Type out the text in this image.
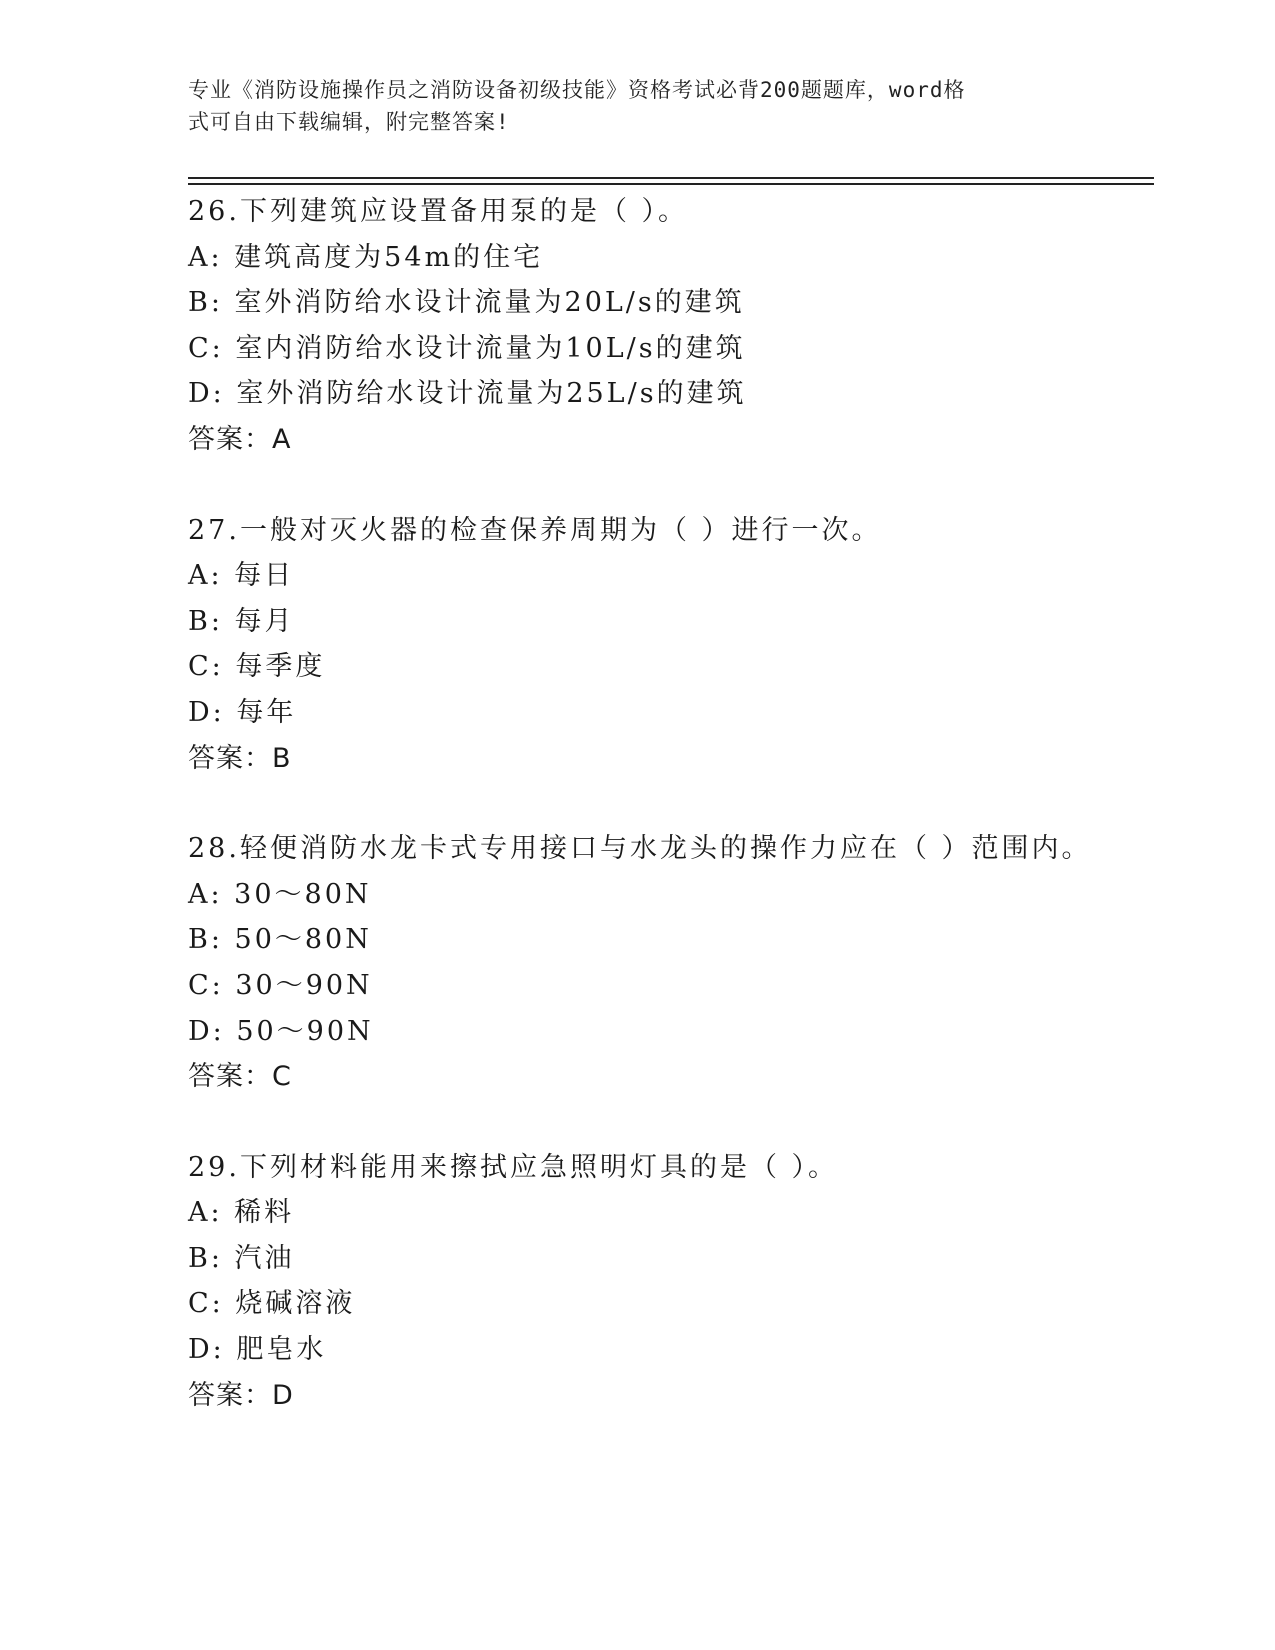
专业《消防设施操作员之消防设备初级技能》资格考试必背200题题库，word格
式可自由下载编辑，附完整答案!
26.下列建筑应设置备用泵的是（ ）。
A: 建筑高度为54m的住宅
B: 室外消防给水设计流量为20L/s的建筑
C: 室内消防给水设计流量为10L/s的建筑
D: 室外消防给水设计流量为25L/s的建筑
答案：A
27.一般对灭火器的检查保养周期为（ ）进行一次。
A: 每日
B: 每月
C: 每季度
D: 每年
答案：B
28.轻便消防水龙卡式专用接口与水龙头的操作力应在（ ）范围内。
A: 30～80N
B: 50～80N
C: 30～90N
D: 50～90N
答案：C
29.下列材料能用来擦拭应急照明灯具的是（ ）。
A: 稀料
B: 汽油
C: 烧碱溶液
D: 肥皂水
答案：D
